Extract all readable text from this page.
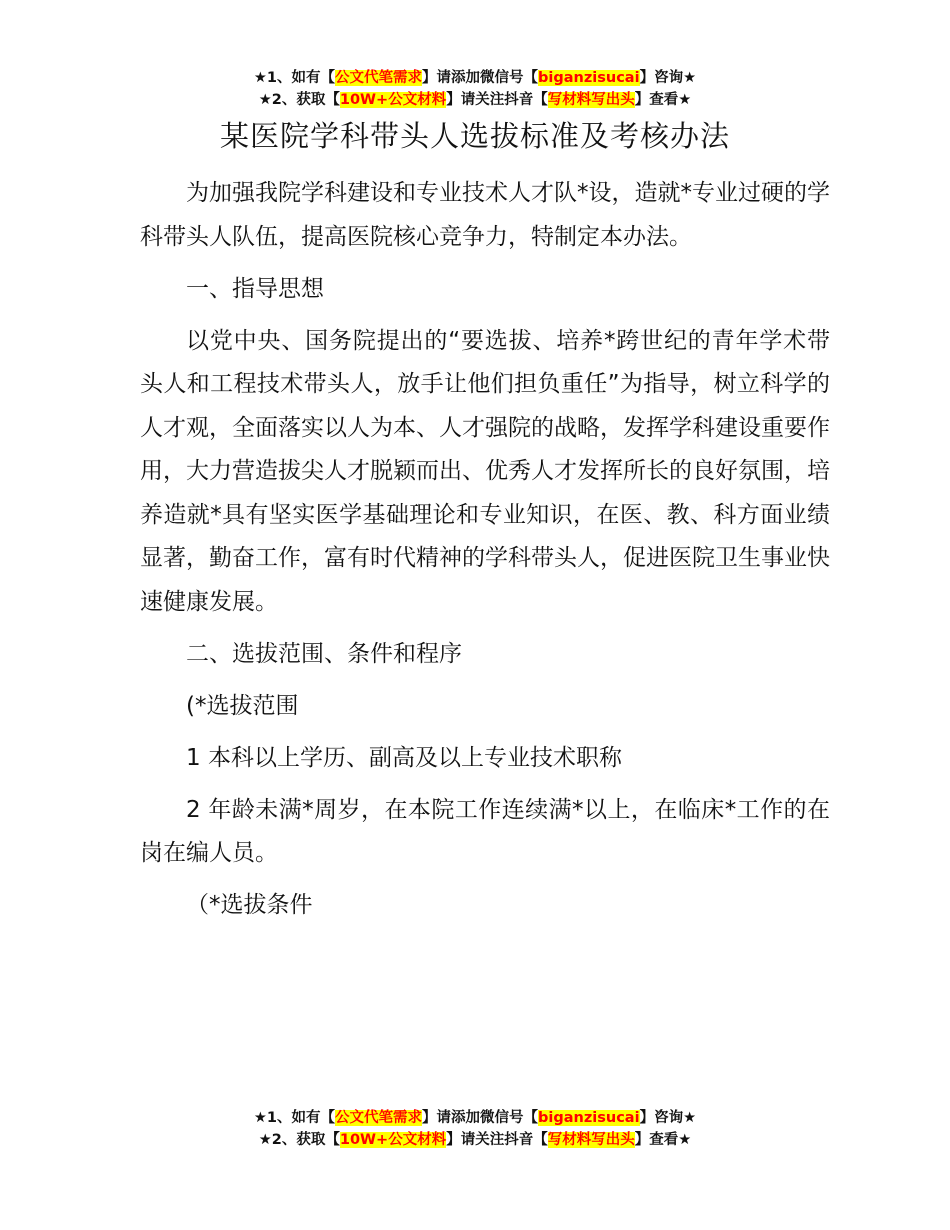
★1、如有【公文代笔需求】请添加微信号【biganzisucai】咨询★
★2、获取【10W+公文材料】请关注抖音【写材料写出头】查看★
某医院学科带头人选拔标准及考核办法

为加强我院学科建设和专业技术人才队*设，造就*专业过硬的学科带头人队伍，提高医院核心竞争力，特制定本办法。

一、指导思想

以党中央、国务院提出的“要选拔、培养*跨世纪的青年学术带头人和工程技术带头人，放手让他们担负重任”为指导，树立科学的人才观，全面落实以人为本、人才强院的战略，发挥学科建设重要作用，大力营造拔尖人才脱颖而出、优秀人才发挥所长的良好氛围，培养造就*具有坚实医学基础理论和专业知识，在医、教、科方面业绩显著，勤奋工作，富有时代精神的学科带头人，促进医院卫生事业快速健康发展。

二、选拔范围、条件和程序

(*选拔范围

1 本科以上学历、副高及以上专业技术职称

2 年龄未满*周岁，在本院工作连续满*以上，在临床*工作的在岗在编人员。

（*选拔条件

★1、如有【公文代笔需求】请添加微信号【biganzisucai】咨询★
★2、获取【10W+公文材料】请关注抖音【写材料写出头】查看★
